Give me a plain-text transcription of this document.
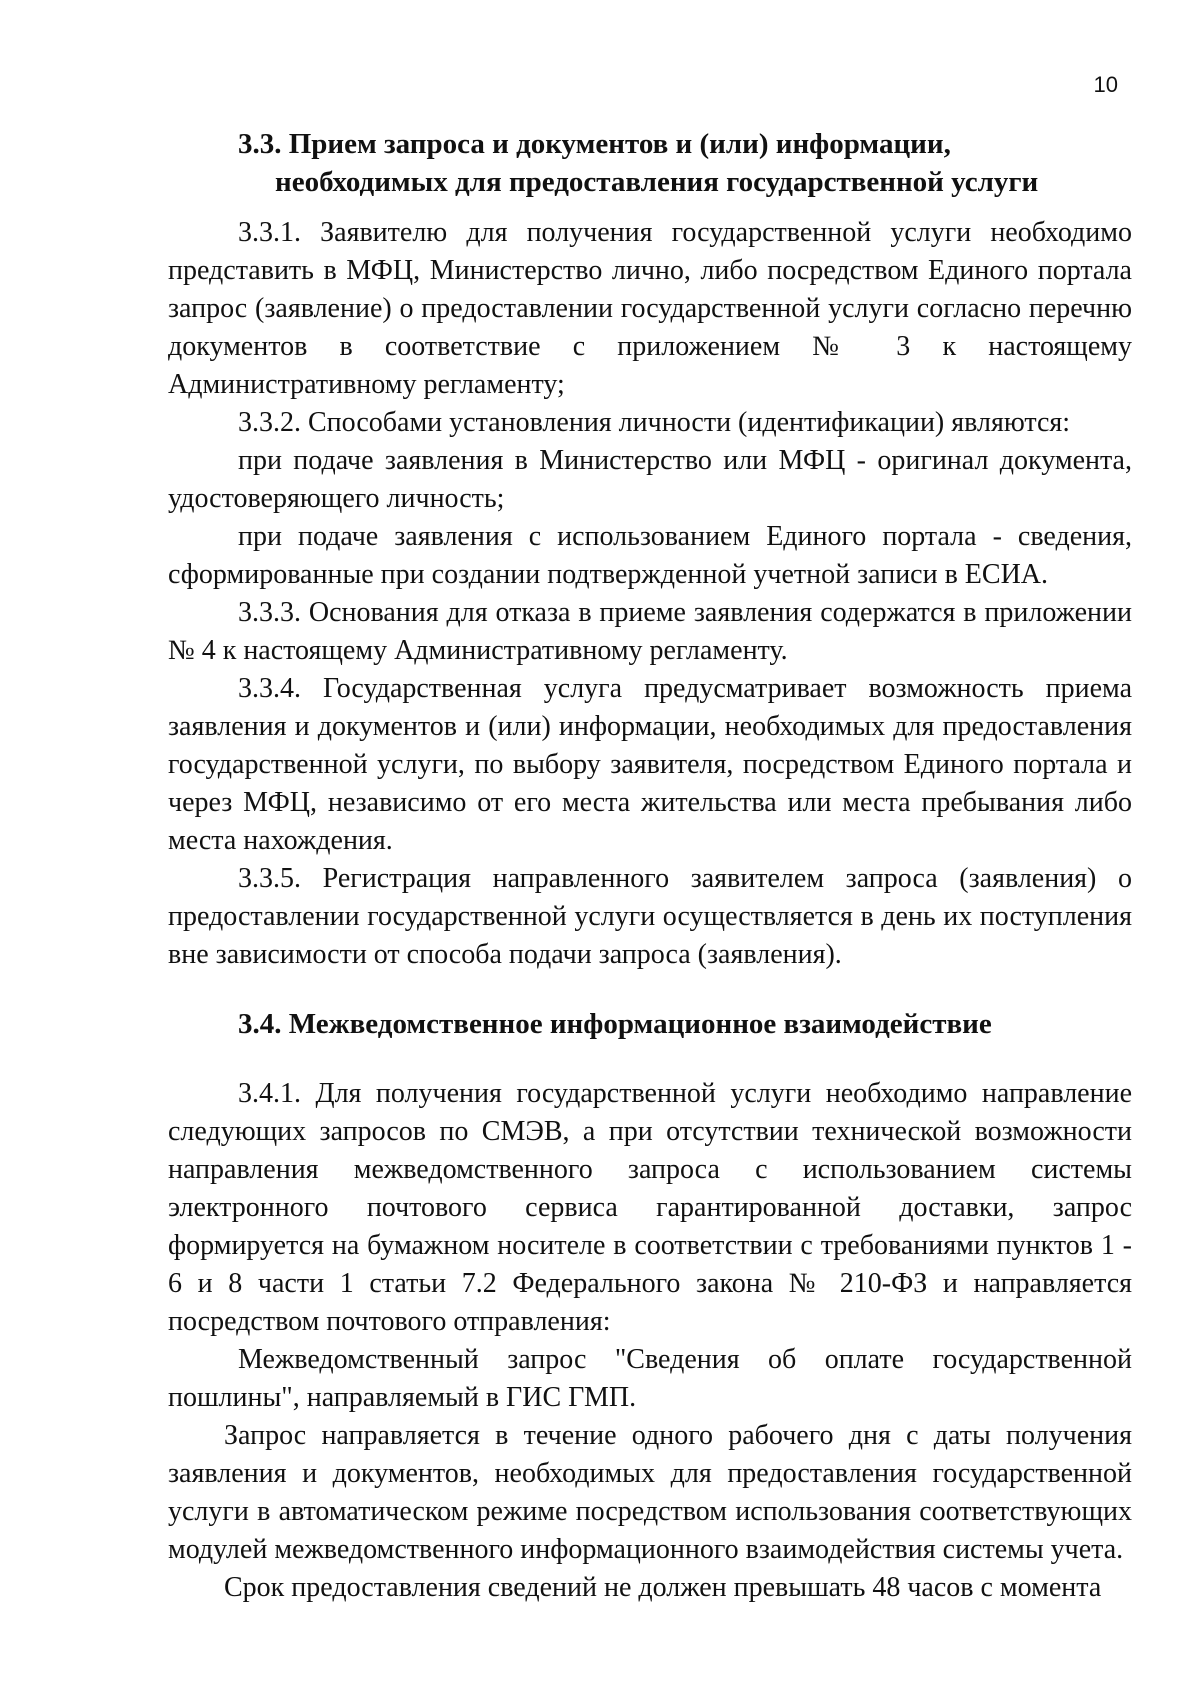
10
3.3. Прием запроса и документов и (или) информации,
необходимых для предоставления государственной услуги

3.3.1. Заявителю для получения государственной услуги необходимо представить в МФЦ, Министерство лично, либо посредством Единого портала запрос (заявление) о предоставлении государственной услуги согласно перечню документов в соответствие с приложением № 3 к настоящему Административному регламенту;

3.3.2. Способами установления личности (идентификации) являются:

при подаче заявления в Министерство или МФЦ - оригинал документа, удостоверяющего личность;

при подаче заявления с использованием Единого портала - сведения, сформированные при создании подтвержденной учетной записи в ЕСИА.

3.3.3. Основания для отказа в приеме заявления содержатся в приложении № 4 к настоящему Административному регламенту.

3.3.4. Государственная услуга предусматривает возможность приема заявления и документов и (или) информации, необходимых для предоставления государственной услуги, по выбору заявителя, посредством Единого портала и через МФЦ, независимо от его места жительства или места пребывания либо места нахождения.

3.3.5. Регистрация направленного заявителем запроса (заявления) о предоставлении государственной услуги осуществляется в день их поступления вне зависимости от способа подачи запроса (заявления).

3.4. Межведомственное информационное взаимодействие

3.4.1. Для получения государственной услуги необходимо направление следующих запросов по СМЭВ, а при отсутствии технической возможности направления межведомственного запроса с использованием системы электронного почтового сервиса гарантированной доставки, запрос формируется на бумажном носителе в соответствии с требованиями пунктов 1 - 6 и 8 части 1 статьи 7.2 Федерального закона № 210-ФЗ и направляется посредством почтового отправления:

Межведомственный запрос "Сведения об оплате государственной пошлины", направляемый в ГИС ГМП.

Запрос направляется в течение одного рабочего дня с даты получения заявления и документов, необходимых для предоставления государственной услуги в автоматическом режиме посредством использования соответствующих модулей межведомственного информационного взаимодействия системы учета.

Срок предоставления сведений не должен превышать 48 часов с момента
